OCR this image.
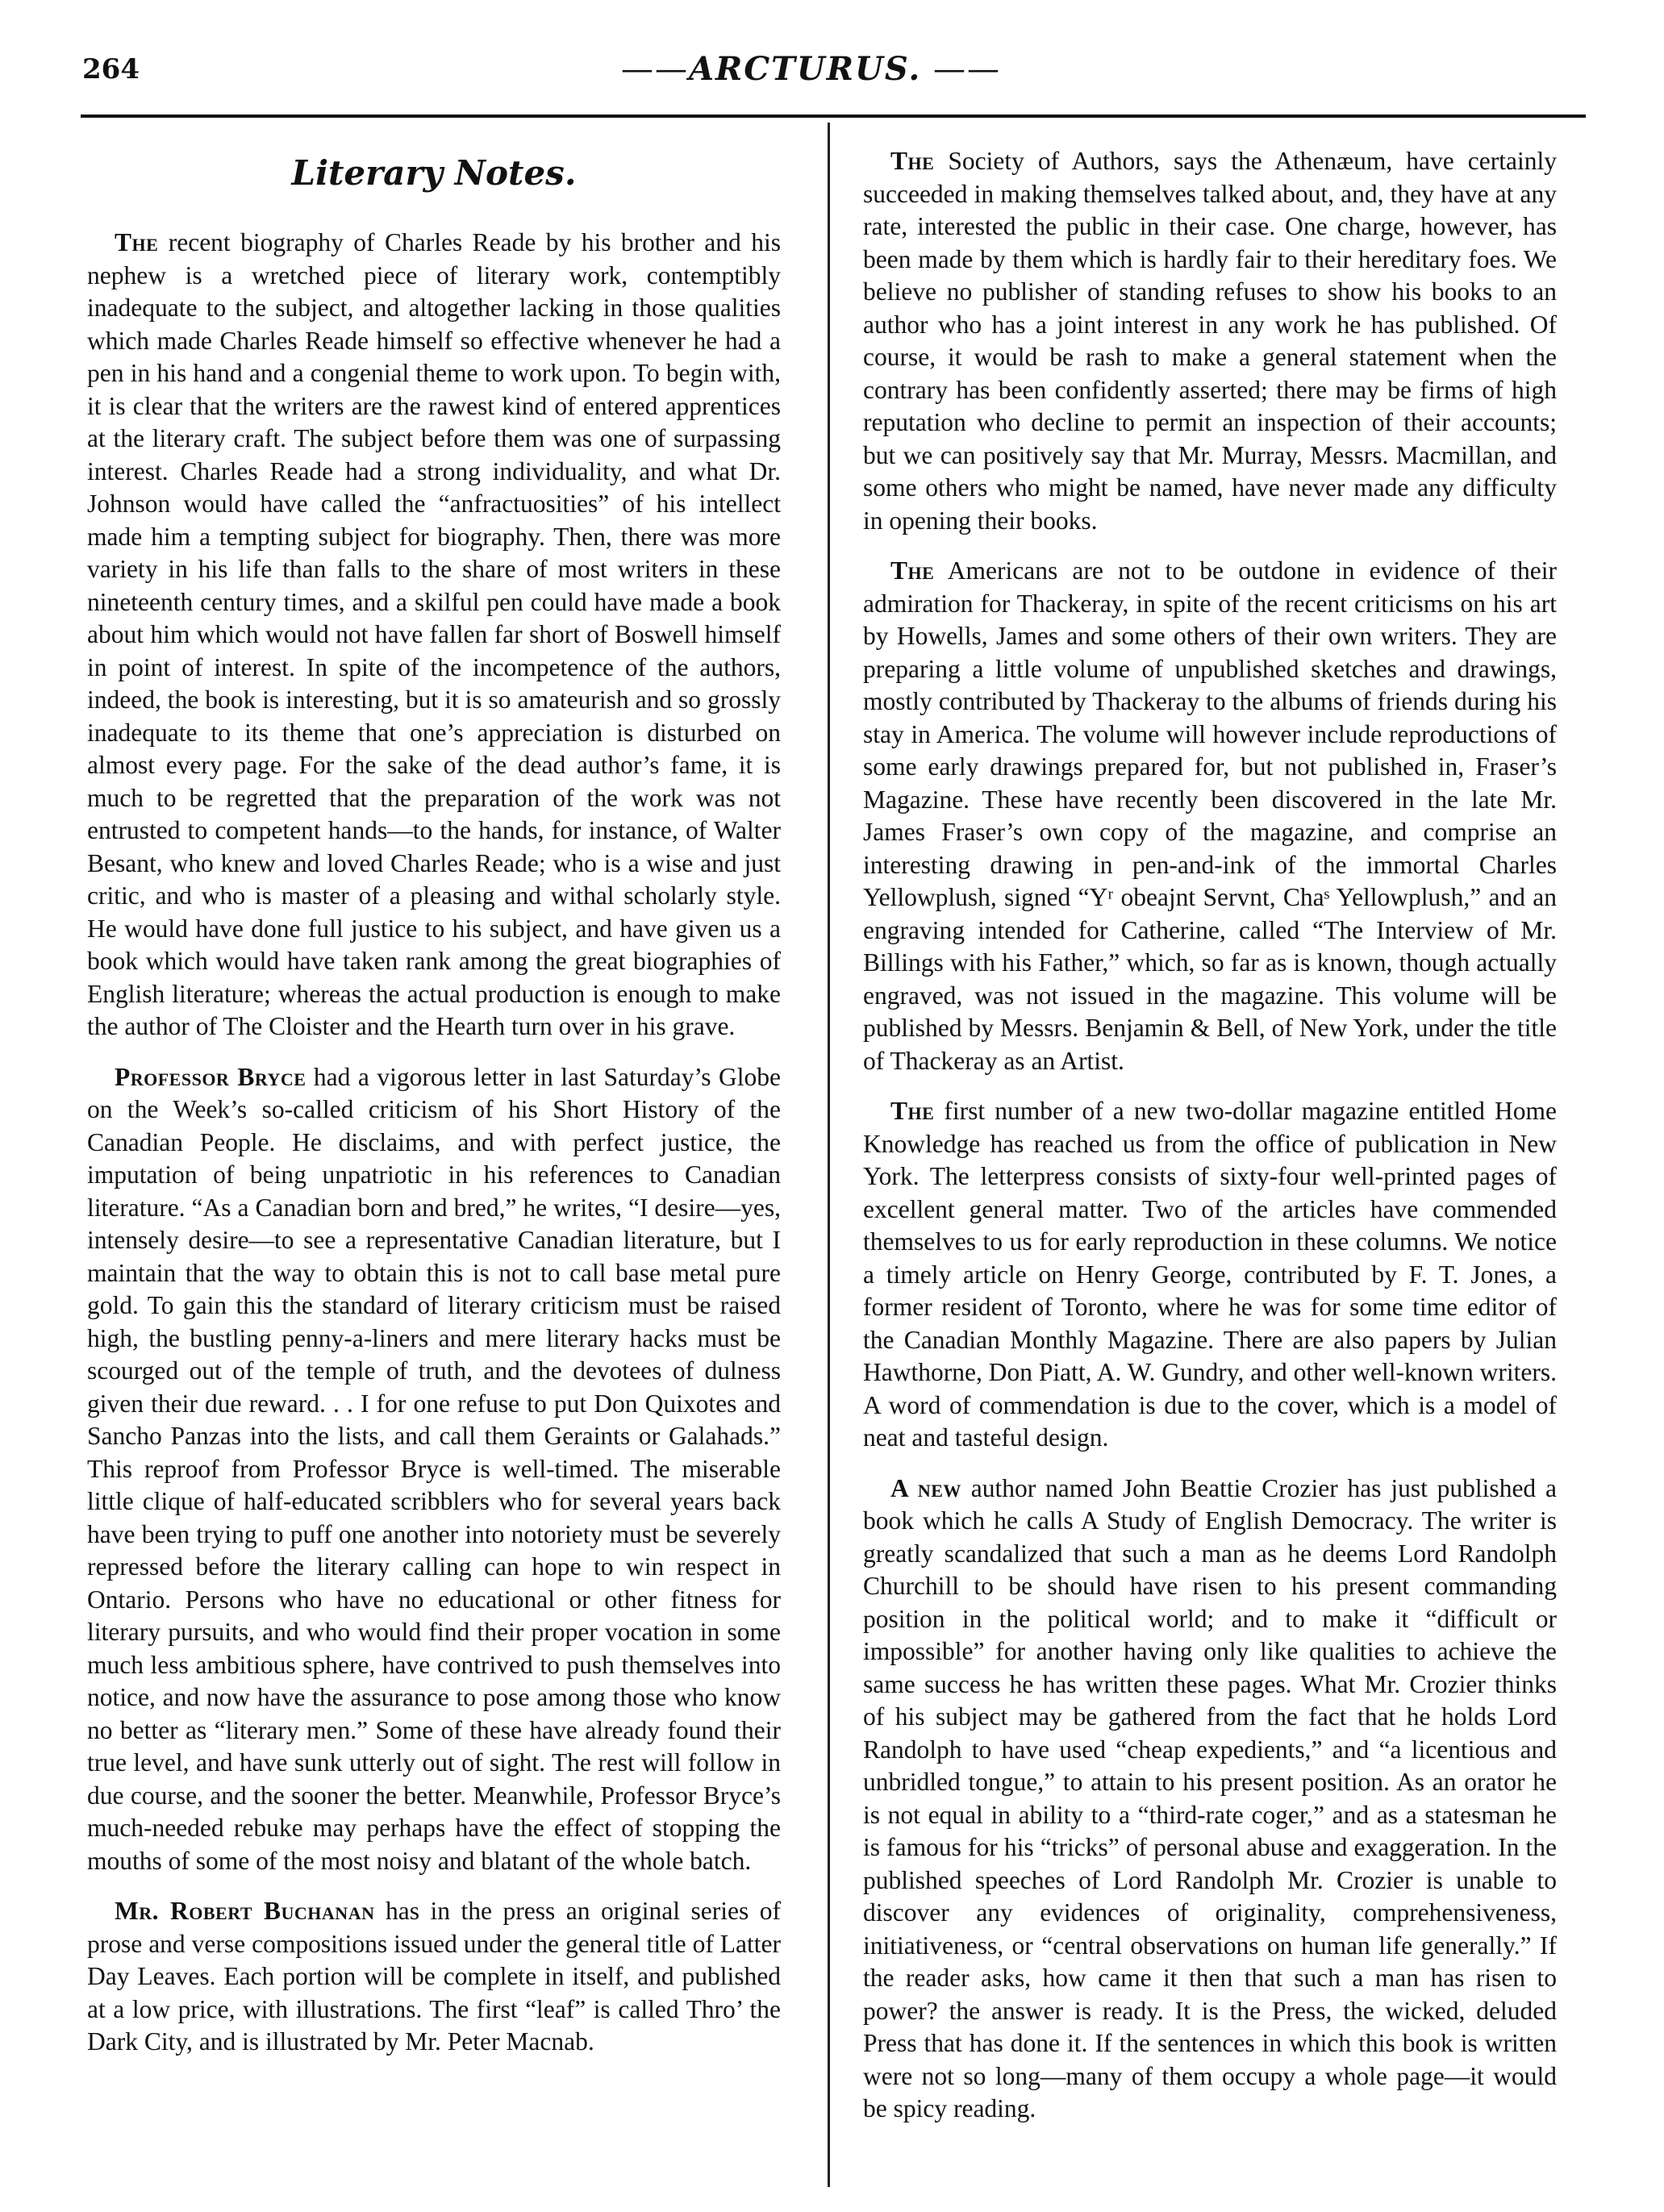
264	——ARCTURUS. ——
Literary Notes.

The recent biography of Charles Reade by his brother and his nephew is a wretched piece of literary work, contemptibly inadequate to the subject, and altogether lacking in those qualities which made Charles Reade himself so effective whenever he had a pen in his hand and a congenial theme to work upon. To begin with, it is clear that the writers are the rawest kind of entered apprentices at the literary craft. The subject before them was one of surpassing interest. Charles Reade had a strong individuality, and what Dr. Johnson would have called the “anfractuosities” of his intellect made him a tempting subject for biography. Then, there was more variety in his life than falls to the share of most writers in these nineteenth century times, and a skilful pen could have made a book about him which would not have fallen far short of Boswell himself in point of interest. In spite of the incompetence of the authors, indeed, the book is interesting, but it is so amateurish and so grossly inadequate to its theme that one’s appreciation is disturbed on almost every page. For the sake of the dead author’s fame, it is much to be regretted that the preparation of the work was not entrusted to competent hands—to the hands, for instance, of Walter Besant, who knew and loved Charles Reade; who is a wise and just critic, and who is master of a pleasing and withal scholarly style. He would have done full justice to his subject, and have given us a book which would have taken rank among the great biographies of English literature; whereas the actual production is enough to make the author of The Cloister and the Hearth turn over in his grave.

Professor Bryce had a vigorous letter in last Saturday’s Globe on the Week’s so-called criticism of his Short History of the Canadian People. He disclaims, and with perfect justice, the imputation of being unpatriotic in his references to Canadian literature. “As a Canadian born and bred,” he writes, “I desire—yes, intensely desire—to see a representative Canadian literature, but I maintain that the way to obtain this is not to call base metal pure gold. To gain this the standard of literary criticism must be raised high, the bustling penny-a-liners and mere literary hacks must be scourged out of the temple of truth, and the devotees of dulness given their due reward. . . I for one refuse to put Don Quixotes and Sancho Panzas into the lists, and call them Geraints or Galahads.” This reproof from Professor Bryce is well-timed. The miserable little clique of half-educated scribblers who for several years back have been trying to puff one another into notoriety must be severely repressed before the literary calling can hope to win respect in Ontario. Persons who have no educational or other fitness for literary pursuits, and who would find their proper vocation in some much less ambitious sphere, have contrived to push themselves into notice, and now have the assurance to pose among those who know no better as “literary men.” Some of these have already found their true level, and have sunk utterly out of sight. The rest will follow in due course, and the sooner the better. Meanwhile, Professor Bryce’s much-needed rebuke may perhaps have the effect of stopping the mouths of some of the most noisy and blatant of the whole batch.

Mr. Robert Buchanan has in the press an original series of prose and verse compositions issued under the general title of Latter Day Leaves. Each portion will be complete in itself, and published at a low price, with illustrations. The first “leaf” is called Thro’ the Dark City, and is illustrated by Mr. Peter Macnab.

The Society of Authors, says the Athenæum, have certainly succeeded in making themselves talked about, and, they have at any rate, interested the public in their case. One charge, however, has been made by them which is hardly fair to their hereditary foes. We believe no publisher of standing refuses to show his books to an author who has a joint interest in any work he has published. Of course, it would be rash to make a general statement when the contrary has been confidently asserted; there may be firms of high reputation who decline to permit an inspection of their accounts; but we can positively say that Mr. Murray, Messrs. Macmillan, and some others who might be named, have never made any difficulty in opening their books.

The Americans are not to be outdone in evidence of their admiration for Thackeray, in spite of the recent criticisms on his art by Howells, James and some others of their own writers. They are preparing a little volume of unpublished sketches and drawings, mostly contributed by Thackeray to the albums of friends during his stay in America. The volume will however include reproductions of some early drawings prepared for, but not published in, Fraser’s Magazine. These have recently been discovered in the late Mr. James Fraser’s own copy of the magazine, and comprise an interesting drawing in pen-and-ink of the immortal Charles Yellowplush, signed “Yʳ obeajnt Servnt, Chaˢ Yellowplush,” and an engraving intended for Catherine, called “The Interview of Mr. Billings with his Father,” which, so far as is known, though actually engraved, was not issued in the magazine. This volume will be published by Messrs. Benjamin & Bell, of New York, under the title of Thackeray as an Artist.

The first number of a new two-dollar magazine entitled Home Knowledge has reached us from the office of publication in New York. The letterpress consists of sixty-four well-printed pages of excellent general matter. Two of the articles have commended themselves to us for early reproduction in these columns. We notice a timely article on Henry George, contributed by F. T. Jones, a former resident of Toronto, where he was for some time editor of the Canadian Monthly Magazine. There are also papers by Julian Hawthorne, Don Piatt, A. W. Gundry, and other well-known writers. A word of commendation is due to the cover, which is a model of neat and tasteful design.

A new author named John Beattie Crozier has just published a book which he calls A Study of English Democracy. The writer is greatly scandalized that such a man as he deems Lord Randolph Churchill to be should have risen to his present commanding position in the political world; and to make it “difficult or impossible” for another having only like qualities to achieve the same success he has written these pages. What Mr. Crozier thinks of his subject may be gathered from the fact that he holds Lord Randolph to have used “cheap expedients,” and “a licentious and unbridled tongue,” to attain to his present position. As an orator he is not equal in ability to a “third-rate coger,” and as a statesman he is famous for his “tricks” of personal abuse and exaggeration. In the published speeches of Lord Randolph Mr. Crozier is unable to discover any evidences of originality, comprehensiveness, initiativeness, or “central observations on human life generally.” If the reader asks, how came it then that such a man has risen to power? the answer is ready. It is the Press, the wicked, deluded Press that has done it. If the sentences in which this book is written were not so long—many of them occupy a whole page—it would be spicy reading.
